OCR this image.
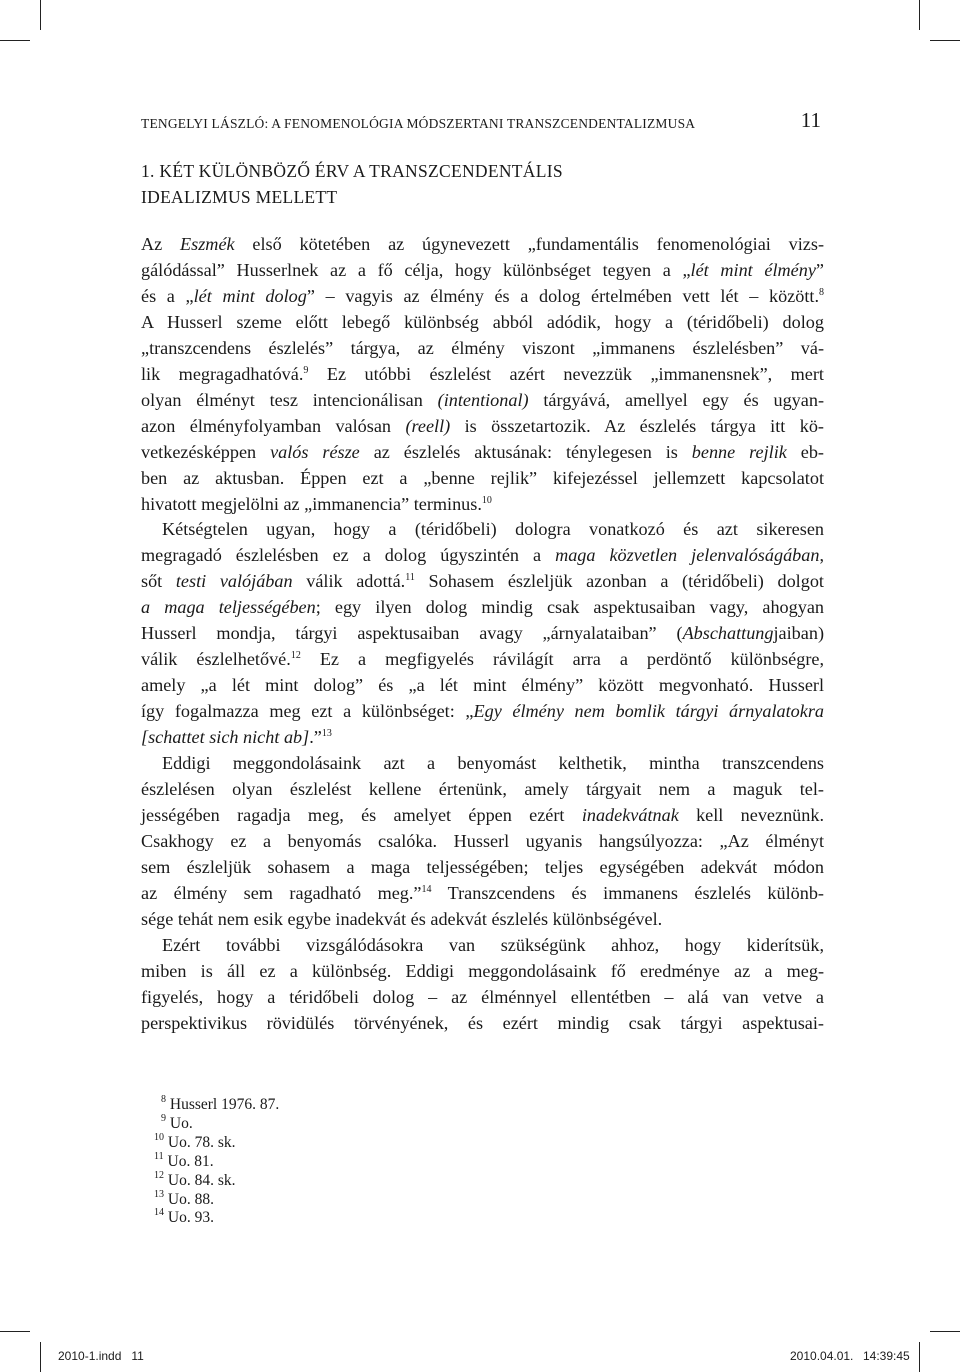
TENGELYI LÁSZLÓ: A FENOMENOLÓGIA MÓDSZERTANI TRANSZCENDENTALIZMUSA	11
1. KÉT KÜLÖNBÖZŐ ÉRV A TRANSZCENDENTÁLIS
IDEALIZMUS MELLETT

Az Eszmék első kötetében az úgynevezett „fundamentális fenomenológiai vizs-
gálódással” Husserlnek az a fő célja, hogy különbséget tegyen a „lét mint élmény”
és a „lét mint dolog” – vagyis az élmény és a dolog értelmében vett lét – között.$^8$
A Husserl szeme előtt lebegő különbség abból adódik, hogy a (téridőbeli) dolog
„transzcendens észlelés” tárgya, az élmény viszont „immanens észlelésben” vá-
lik megragadhatóvá.$^9$ Ez utóbbi észlelést azért nevezzük „immanensnek”, mert
olyan élményt tesz intencionálisan (intentional) tárgyává, amellyel egy és ugyan-
azon élményfolyamban valósan (reell) is összetartozik. Az észlelés tárgya itt kö-
vetkezésképpen valós része az észlelés aktusának: ténylegesen is benne rejlik eb-
ben az aktusban. Éppen ezt a „benne rejlik” kifejezéssel jellemzett kapcsolatot
hivatott megjelölni az „immanencia” terminus.$^{10}$

Kétségtelen ugyan, hogy a (téridőbeli) dologra vonatkozó és azt sikeresen
megragadó észlelésben ez a dolog úgyszintén a maga közvetlen jelenvalóságában,
sőt testi valójában válik adottá.$^{11}$ Sohasem észleljük azonban a (téridőbeli) dolgot
a maga teljességében; egy ilyen dolog mindig csak aspektusaiban vagy, ahogyan
Husserl mondja, tárgyi aspektusaiban avagy „árnyalataiban” (Abschattungjaiban)
válik észlelhetővé.$^{12}$ Ez a megfigyelés rávilágít arra a perdöntő különbségre,
amely „a lét mint dolog” és „a lét mint élmény” között megvonható. Husserl
így fogalmazza meg ezt a különbséget: „Egy élmény nem bomlik tárgyi árnyalatokra
[schattet sich nicht ab].”$^{13}$

Eddigi meggondolásaink azt a benyomást kelthetik, mintha transzcendens
észlelésen olyan észlelést kellene értenünk, amely tárgyait nem a maguk tel-
jességében ragadja meg, és amelyet éppen ezért inadekvátnak kell neveznünk.
Csakhogy ez a benyomás csalóka. Husserl ugyanis hangsúlyozza: „Az élményt
sem észleljük sohasem a maga teljességében; teljes egységében adekvát módon
az élmény sem ragadható meg.”$^{14}$ Transzcendens és immanens észlelés különb-
sége tehát nem esik egybe inadekvát és adekvát észlelés különbségével.

Ezért további vizsgálódásokra van szükségünk ahhoz, hogy kiderítsük,
miben is áll ez a különbség. Eddigi meggondolásaink fő eredménye az a meg-
figyelés, hogy a téridőbeli dolog – az élménnyel ellentétben – alá van vetve a
perspektivikus rövidülés törvényének, és ezért mindig csak tárgyi aspektusai-

$^8$ Husserl 1976. 87.
$^9$ Uo.
$^{10}$ Uo. 78. sk.
$^{11}$ Uo. 81.
$^{12}$ Uo. 84. sk.
$^{13}$ Uo. 88.
$^{14}$ Uo. 93.
2010-1.indd   11	2010.04.01. 14:39:45
